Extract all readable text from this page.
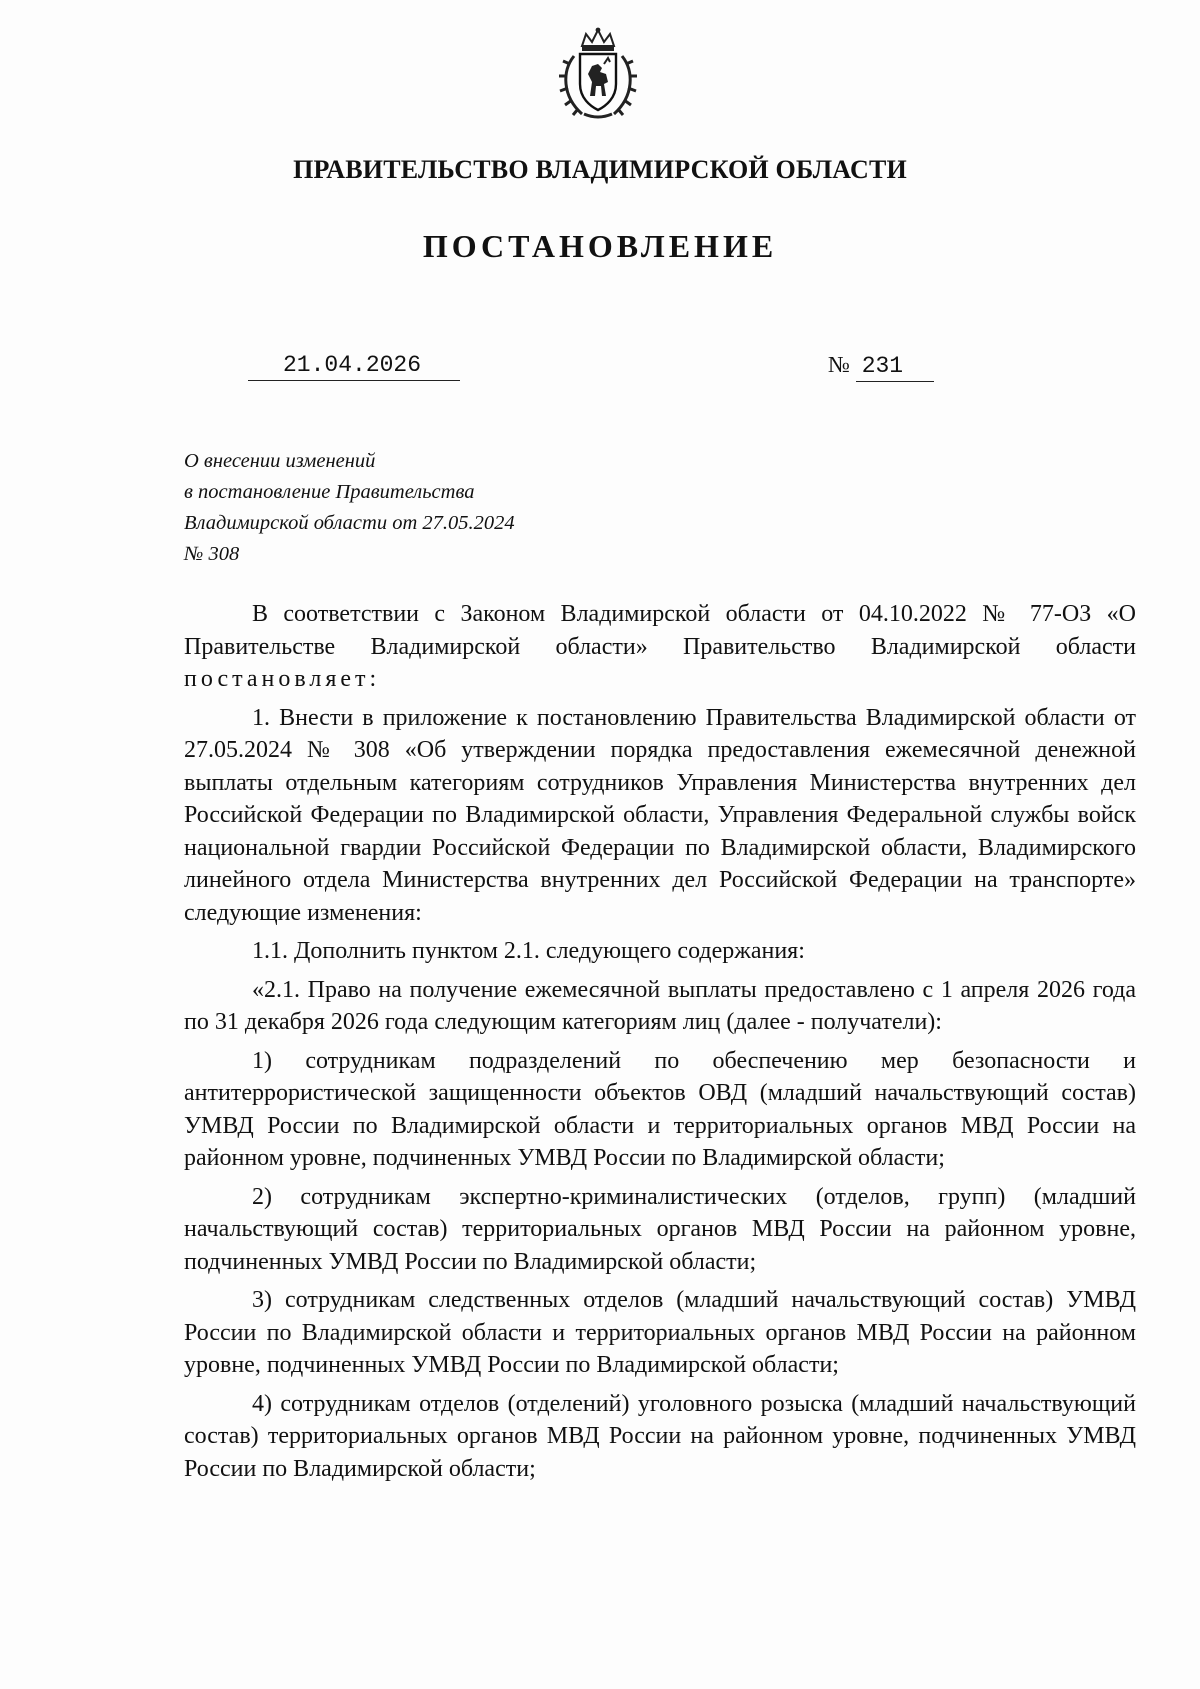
ПРАВИТЕЛЬСТВО ВЛАДИМИРСКОЙ ОБЛАСТИ
ПОСТАНОВЛЕНИЕ
21.04.2026	№ 231
О внесении изменений
в постановление Правительства
Владимирской области от 27.05.2024
№ 308

В соответствии с Законом Владимирской области от 04.10.2022 № 77-ОЗ «О Правительстве Владимирской области» Правительство Владимирской области постановляет:

1. Внести в приложение к постановлению Правительства Владимирской области от 27.05.2024 № 308 «Об утверждении порядка предоставления ежемесячной денежной выплаты отдельным категориям сотрудников Управления Министерства внутренних дел Российской Федерации по Владимирской области, Управления Федеральной службы войск национальной гвардии Российской Федерации по Владимирской области, Владимирского линейного отдела Министерства внутренних дел Российской Федерации на транспорте» следующие изменения:

1.1. Дополнить пунктом 2.1. следующего содержания:

«2.1. Право на получение ежемесячной выплаты предоставлено с 1 апреля 2026 года по 31 декабря 2026 года следующим категориям лиц (далее - получатели):

1) сотрудникам подразделений по обеспечению мер безопасности и антитеррористической защищенности объектов ОВД (младший начальствующий состав) УМВД России по Владимирской области и территориальных органов МВД России на районном уровне, подчиненных УМВД России по Владимирской области;

2) сотрудникам экспертно-криминалистических (отделов, групп) (младший начальствующий состав) территориальных органов МВД России на районном уровне, подчиненных УМВД России по Владимирской области;

3) сотрудникам следственных отделов (младший начальствующий состав) УМВД России по Владимирской области и территориальных органов МВД России на районном уровне, подчиненных УМВД России по Владимирской области;

4) сотрудникам отделов (отделений) уголовного розыска (младший начальствующий состав) территориальных органов МВД России на районном уровне, подчиненных УМВД России по Владимирской области;
